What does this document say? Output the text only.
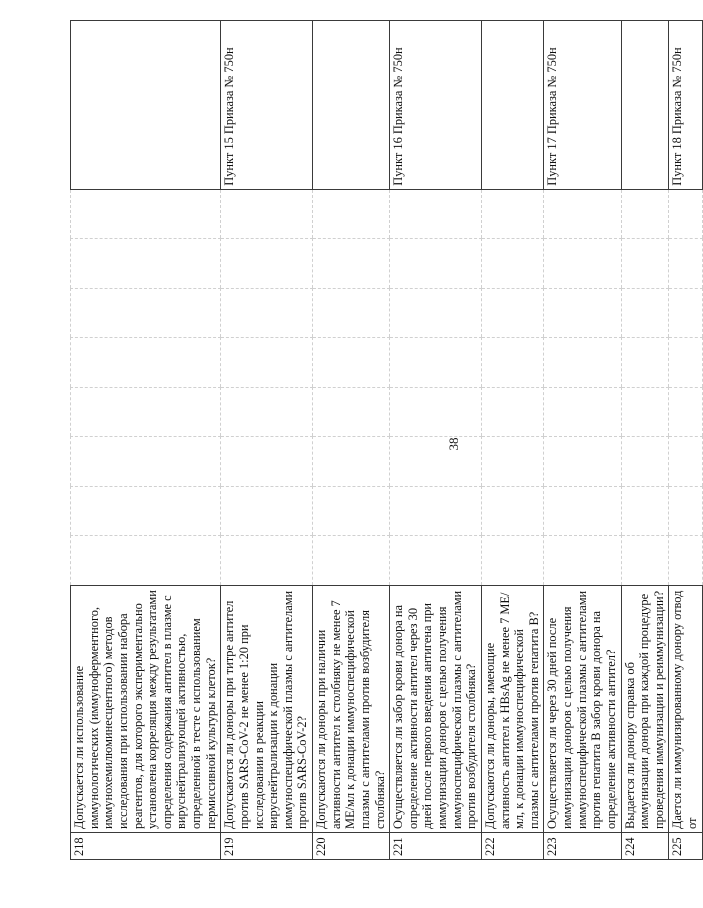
38
218	Допускается ли использование иммунологических (иммуноферментного, иммунохемилюминесцентного) методов исследования при использовании набора реагентов, для которого экспериментально установлена корреляция между результатами определения содержания антител в плазме с вируснейтрализующей активностью, определенной в тесте с использованием пермиссивной культуры клеток?									
219	Допускаются ли доноры при титре антител против SARS-CoV-2 не менее 1:20 при исследовании в реакции вируснейтрализации к донации иммуноспецифической плазмы с антителами против SARS-CoV-2?									Пункт 15 Приказа № 750н
220	Допускаются ли доноры при наличии активности антител к столбняку не менее 7 МЕ/мл к донации иммуноспецифической плазмы с антителами против возбудителя столбняка?									
221	Осуществляется ли забор крови донора на определение активности антител через 30 дней после первого введения антигена при иммунизации доноров с целью получения иммуноспецифической плазмы с антителами против возбудителя столбняка?									Пункт 16 Приказа № 750н
222	Допускаются ли доноры, имеющие активность антител к HBsAg не менее 7 МЕ/мл, к донации иммуноспецифической плазмы с антителами против гепатита B?									
223	Осуществляется ли через 30 дней после иммунизации доноров с целью получения иммуноспецифической плазмы с антителами против гепатита B забор крови донора на определение активности антител?									Пункт 17 Приказа № 750н
224	Выдается ли донору справка об иммунизации донора при каждой процедуре проведения иммунизации и реиммунизации?									
225	Дается ли иммунизированному донору отвод от									Пункт 18 Приказа № 750н
